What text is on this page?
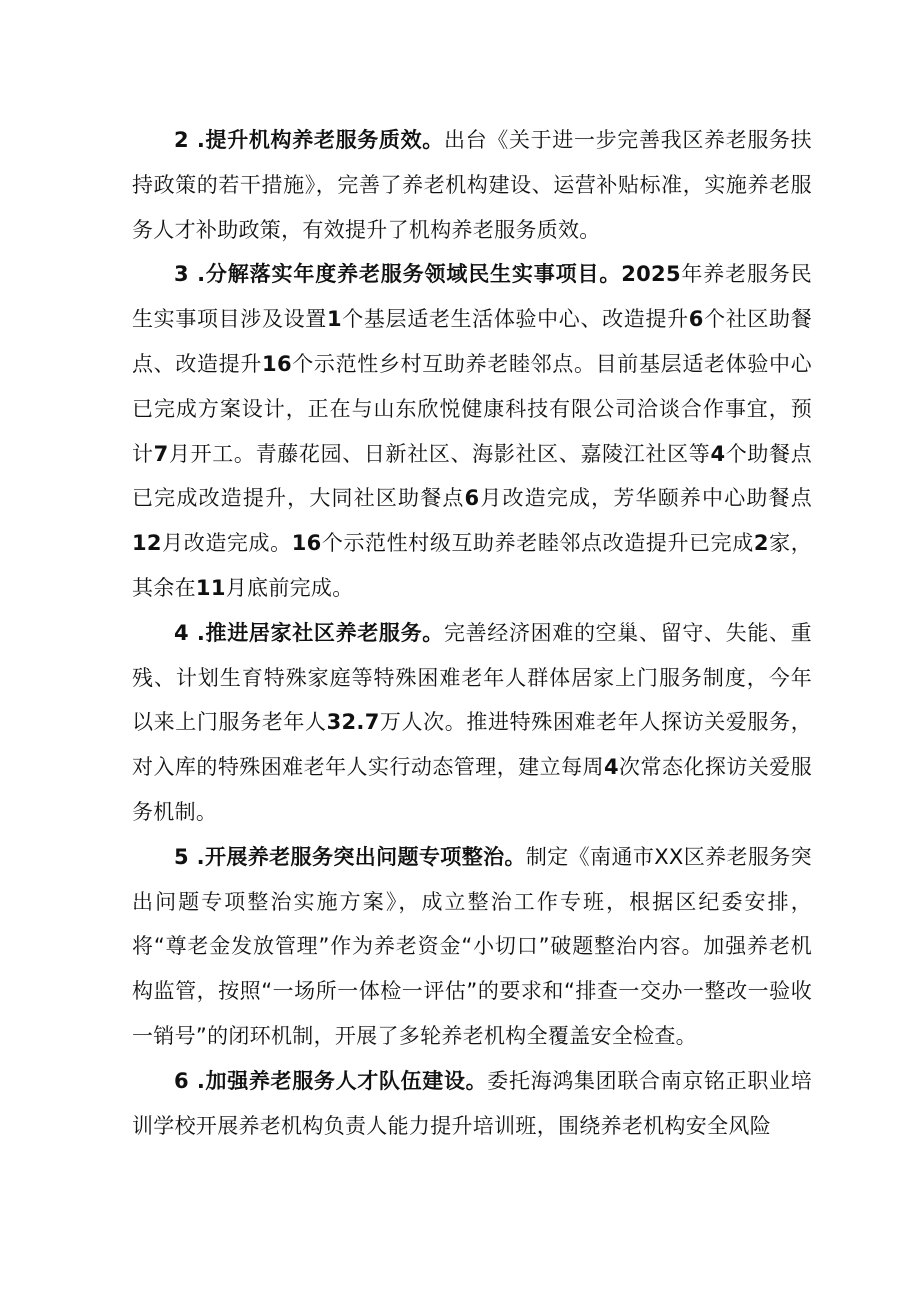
2 .提升机构养老服务质效。出台《关于进一步完善我区养老服务扶持政策的若干措施》，完善了养老机构建设、运营补贴标准，实施养老服务人才补助政策，有效提升了机构养老服务质效。

3 .分解落实年度养老服务领域民生实事项目。2025年养老服务民生实事项目涉及设置1个基层适老生活体验中心、改造提升6个社区助餐点、改造提升16个示范性乡村互助养老睦邻点。目前基层适老体验中心已完成方案设计，正在与山东欣悦健康科技有限公司洽谈合作事宜，预计7月开工。青藤花园、日新社区、海影社区、嘉陵江社区等4个助餐点已完成改造提升，大同社区助餐点6月改造完成，芳华颐养中心助餐点12月改造完成。16个示范性村级互助养老睦邻点改造提升已完成2家，其余在11月底前完成。

4 .推进居家社区养老服务。完善经济困难的空巢、留守、失能、重残、计划生育特殊家庭等特殊困难老年人群体居家上门服务制度，今年以来上门服务老年人32.7万人次。推进特殊困难老年人探访关爱服务，对入库的特殊困难老年人实行动态管理，建立每周4次常态化探访关爱服务机制。

5 .开展养老服务突出问题专项整治。制定《南通市XX区养老服务突出问题专项整治实施方案》，成立整治工作专班，根据区纪委安排，将“尊老金发放管理”作为养老资金“小切口”破题整治内容。加强养老机构监管，按照“一场所一体检一评估”的要求和“排查一交办一整改一验收一销号”的闭环机制，开展了多轮养老机构全覆盖安全检查。

6 .加强养老服务人才队伍建设。委托海鸿集团联合南京铭正职业培训学校开展养老机构负责人能力提升培训班，围绕养老机构安全风险
